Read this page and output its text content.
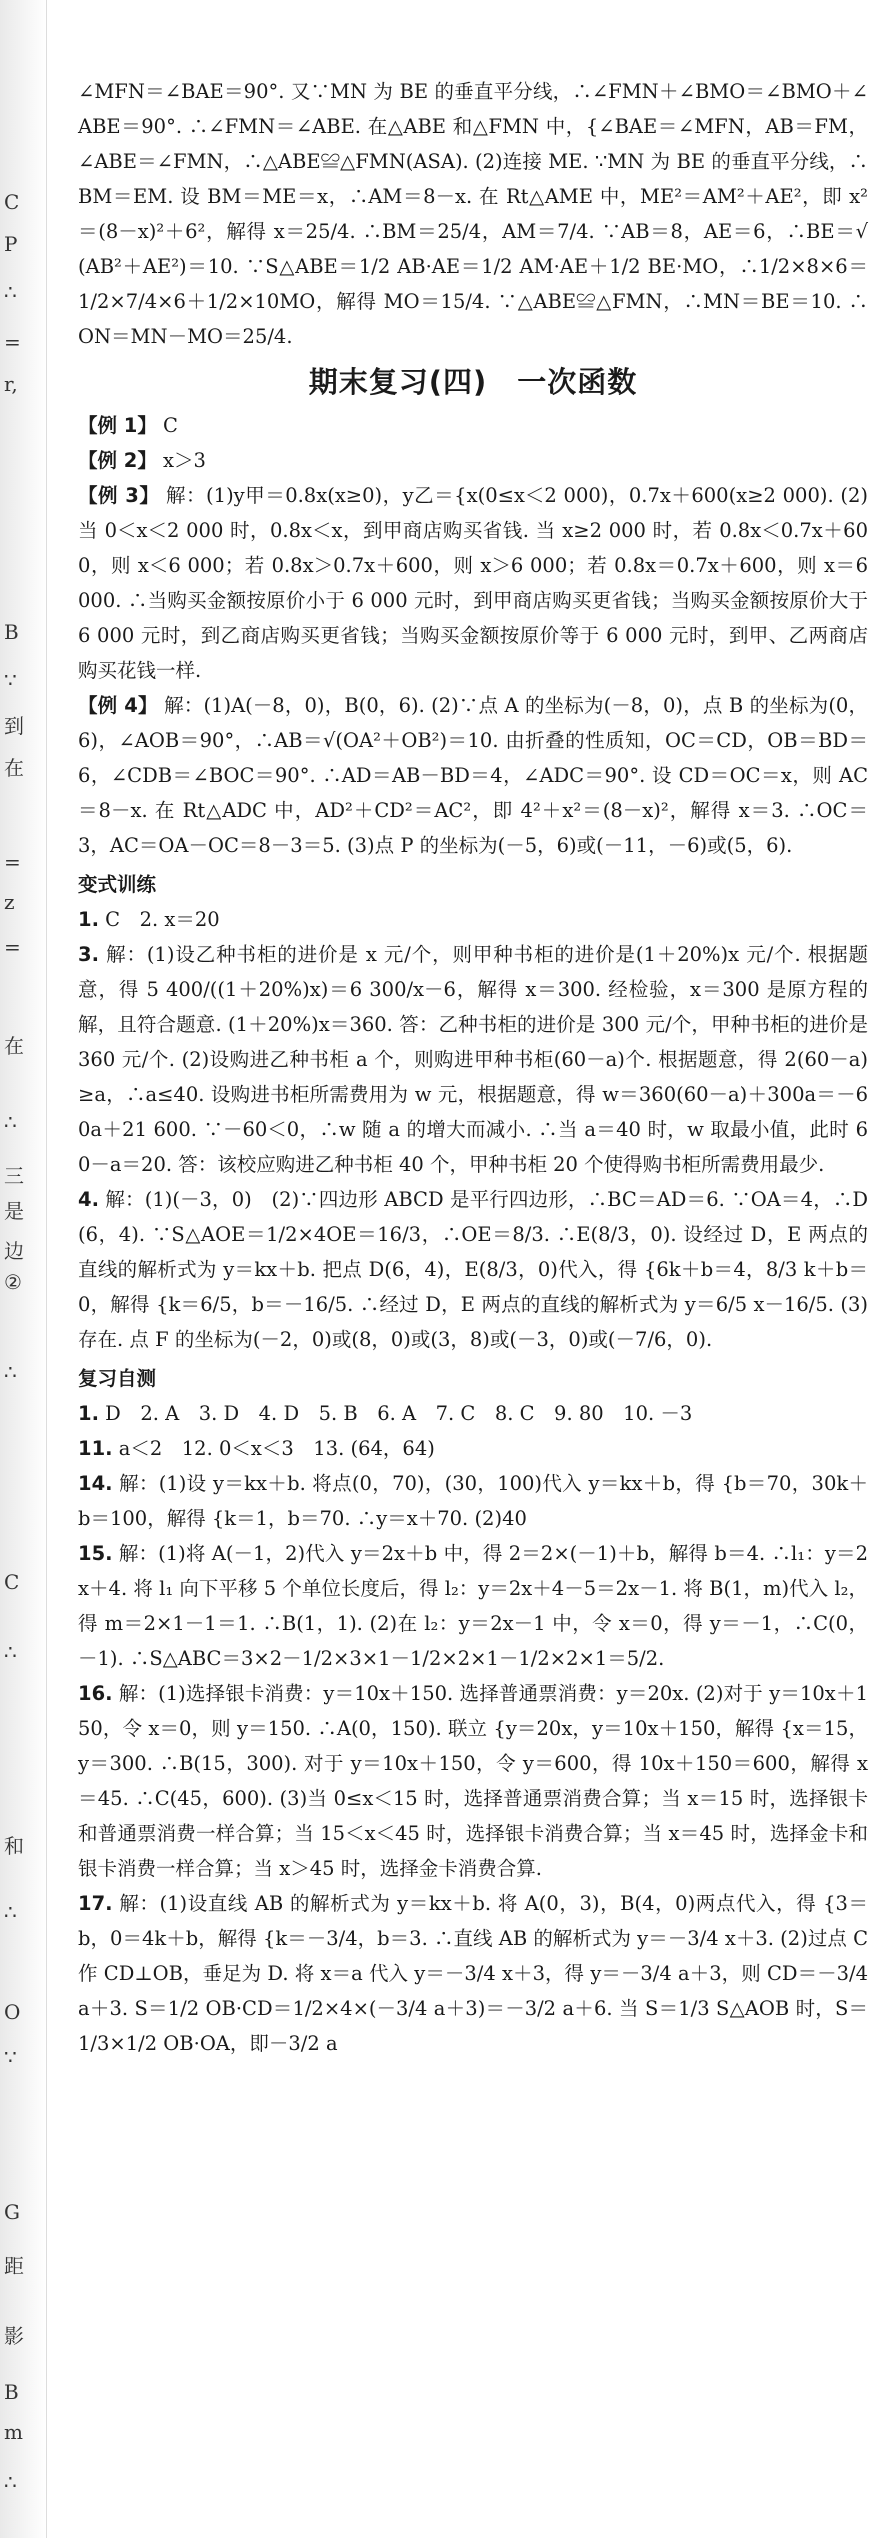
C
P
∴
=
r,
B
∵
到
在
=
z
=
在
∴
三
是
边
②
∴
C
∴
和
∴
O
∵
G
距
影
B
m
∴

∠MFN＝∠BAE＝90°. 又∵MN 为 BE 的垂直平分线，∴∠FMN＋∠BMO＝∠BMO＋∠ABE＝90°. ∴∠FMN＝∠ABE. 在△ABE 和△FMN 中，{∠BAE＝∠MFN，AB＝FM，∠ABE＝∠FMN，∴△ABE≌△FMN(ASA). (2)连接 ME. ∵MN 为 BE 的垂直平分线，∴BM＝EM. 设 BM＝ME＝x，∴AM＝8－x. 在 Rt△AME 中，ME²＝AM²＋AE²，即 x²＝(8－x)²＋6²，解得 x＝25/4. ∴BM＝25/4，AM＝7/4. ∵AB＝8，AE＝6，∴BE＝√(AB²＋AE²)＝10. ∵S△ABE＝1/2 AB·AE＝1/2 AM·AE＋1/2 BE·MO，∴1/2×8×6＝1/2×7/4×6＋1/2×10MO，解得 MO＝15/4. ∵△ABE≌△FMN，∴MN＝BE＝10. ∴ON＝MN－MO＝25/4.

期末复习(四)　一次函数

【例 1】 C

【例 2】 x＞3

【例 3】 解：(1)y甲＝0.8x(x≥0)，y乙＝{x(0≤x＜2 000)，0.7x＋600(x≥2 000). (2)当 0＜x＜2 000 时，0.8x＜x，到甲商店购买省钱. 当 x≥2 000 时，若 0.8x＜0.7x＋600，则 x＜6 000；若 0.8x＞0.7x＋600，则 x＞6 000；若 0.8x＝0.7x＋600，则 x＝6 000. ∴当购买金额按原价小于 6 000 元时，到甲商店购买更省钱；当购买金额按原价大于 6 000 元时，到乙商店购买更省钱；当购买金额按原价等于 6 000 元时，到甲、乙两商店购买花钱一样.

【例 4】 解：(1)A(－8，0)，B(0，6). (2)∵点 A 的坐标为(－8，0)，点 B 的坐标为(0，6)，∠AOB＝90°，∴AB＝√(OA²＋OB²)＝10. 由折叠的性质知，OC＝CD，OB＝BD＝6，∠CDB＝∠BOC＝90°. ∴AD＝AB－BD＝4，∠ADC＝90°. 设 CD＝OC＝x，则 AC＝8－x. 在 Rt△ADC 中，AD²＋CD²＝AC²，即 4²＋x²＝(8－x)²，解得 x＝3. ∴OC＝3，AC＝OA－OC＝8－3＝5. (3)点 P 的坐标为(－5，6)或(－11，－6)或(5，6).

变式训练

1. C　2. x＝20

3. 解：(1)设乙种书柜的进价是 x 元/个，则甲种书柜的进价是(1＋20%)x 元/个. 根据题意，得 5 400/((1＋20%)x)＝6 300/x－6，解得 x＝300. 经检验，x＝300 是原方程的解，且符合题意. (1＋20%)x＝360. 答：乙种书柜的进价是 300 元/个，甲种书柜的进价是 360 元/个. (2)设购进乙种书柜 a 个，则购进甲种书柜(60－a)个. 根据题意，得 2(60－a)≥a，∴a≤40. 设购进书柜所需费用为 w 元，根据题意，得 w＝360(60－a)＋300a＝－60a＋21 600. ∵－60＜0，∴w 随 a 的增大而减小. ∴当 a＝40 时，w 取最小值，此时 60－a＝20. 答：该校应购进乙种书柜 40 个，甲种书柜 20 个使得购书柜所需费用最少.

4. 解：(1)(－3，0)　(2)∵四边形 ABCD 是平行四边形，∴BC＝AD＝6. ∵OA＝4，∴D(6，4). ∵S△AOE＝1/2×4OE＝16/3，∴OE＝8/3. ∴E(8/3，0). 设经过 D，E 两点的直线的解析式为 y＝kx＋b. 把点 D(6，4)，E(8/3，0)代入，得 {6k＋b＝4，8/3 k＋b＝0，解得 {k＝6/5，b＝－16/5. ∴经过 D，E 两点的直线的解析式为 y＝6/5 x－16/5. (3)存在. 点 F 的坐标为(－2，0)或(8，0)或(3，8)或(－3，0)或(－7/6，0).

复习自测

1. D　2. A　3. D　4. D　5. B　6. A　7. C　8. C　9. 80　10. －3

11. a＜2　12. 0＜x＜3　13. (64，64)

14. 解：(1)设 y＝kx＋b. 将点(0，70)，(30，100)代入 y＝kx＋b，得 {b＝70，30k＋b＝100，解得 {k＝1，b＝70. ∴y＝x＋70. (2)40

15. 解：(1)将 A(－1，2)代入 y＝2x＋b 中，得 2＝2×(－1)＋b，解得 b＝4. ∴l₁：y＝2x＋4. 将 l₁ 向下平移 5 个单位长度后，得 l₂：y＝2x＋4－5＝2x－1. 将 B(1，m)代入 l₂，得 m＝2×1－1＝1. ∴B(1，1). (2)在 l₂：y＝2x－1 中，令 x＝0，得 y＝－1，∴C(0，－1). ∴S△ABC＝3×2－1/2×3×1－1/2×2×1－1/2×2×1＝5/2.

16. 解：(1)选择银卡消费：y＝10x＋150. 选择普通票消费：y＝20x. (2)对于 y＝10x＋150，令 x＝0，则 y＝150. ∴A(0，150). 联立 {y＝20x，y＝10x＋150，解得 {x＝15，y＝300. ∴B(15，300). 对于 y＝10x＋150，令 y＝600，得 10x＋150＝600，解得 x＝45. ∴C(45，600). (3)当 0≤x＜15 时，选择普通票消费合算；当 x＝15 时，选择银卡和普通票消费一样合算；当 15＜x＜45 时，选择银卡消费合算；当 x＝45 时，选择金卡和银卡消费一样合算；当 x＞45 时，选择金卡消费合算.

17. 解：(1)设直线 AB 的解析式为 y＝kx＋b. 将 A(0，3)，B(4，0)两点代入，得 {3＝b，0＝4k＋b，解得 {k＝－3/4，b＝3. ∴直线 AB 的解析式为 y＝－3/4 x＋3. (2)过点 C 作 CD⊥OB，垂足为 D. 将 x＝a 代入 y＝－3/4 x＋3，得 y＝－3/4 a＋3，则 CD＝－3/4 a＋3. S＝1/2 OB·CD＝1/2×4×(－3/4 a＋3)＝－3/2 a＋6. 当 S＝1/3 S△AOB 时，S＝1/3×1/2 OB·OA，即－3/2 a
